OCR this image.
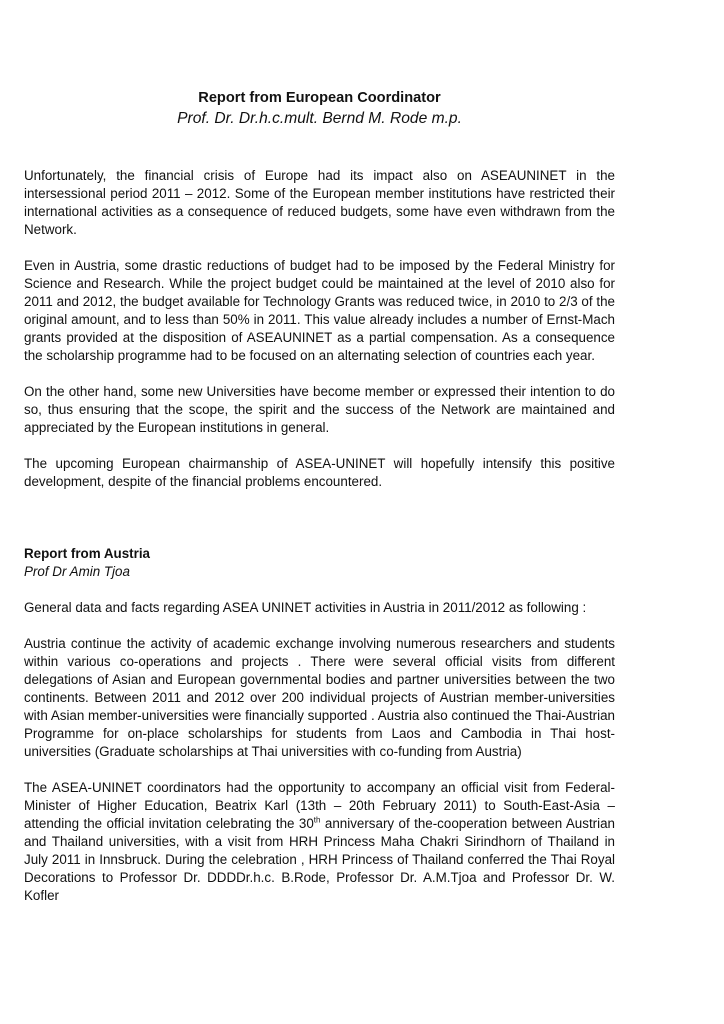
Report from European Coordinator
Prof. Dr. Dr.h.c.mult. Bernd M. Rode m.p.

Unfortunately, the financial crisis of Europe had its impact also on ASEAUNINET in the intersessional period 2011 – 2012. Some of the European member institutions have restricted their international activities as a consequence of reduced budgets, some have even withdrawn from the Network.

Even in Austria, some drastic reductions of budget had to be imposed by the Federal Ministry for Science and Research. While the project budget could be maintained at the level of 2010 also for 2011 and 2012, the budget available for Technology Grants was reduced twice, in 2010 to 2/3 of the original amount, and to less than 50% in 2011. This value already includes a number of Ernst-Mach grants provided at the disposition of ASEAUNINET as a partial compensation. As a consequence the scholarship programme had to be focused on an alternating selection of countries each year.

On the other hand, some new Universities have become member or expressed their intention to do so, thus ensuring that the scope, the spirit and the success of the Network are maintained and appreciated by the European institutions in general.

The upcoming European chairmanship of ASEA-UNINET will hopefully intensify this positive development, despite of the financial problems encountered.

Report from Austria
Prof Dr Amin Tjoa

General data and facts regarding ASEA UNINET activities in Austria in 2011/2012 as following :

Austria continue the activity of academic exchange involving numerous researchers and students within various co-operations and projects . There were several official visits from different delegations of Asian and European governmental bodies and partner universities between the two continents. Between 2011 and 2012 over 200 individual projects of Austrian member-universities with Asian member-universities were financially supported . Austria also continued the Thai-Austrian Programme for on-place scholarships for students from Laos and Cambodia in Thai host-universities (Graduate scholarships at Thai universities with co-funding from Austria)

The ASEA-UNINET coordinators had the opportunity to accompany an official visit from Federal-Minister of Higher Education, Beatrix Karl (13th – 20th February 2011) to South-East-Asia – attending the official invitation celebrating the 30th anniversary of the-cooperation between Austrian and Thailand universities, with a visit from HRH Princess Maha Chakri Sirindhorn of Thailand in July 2011 in Innsbruck. During the celebration , HRH Princess of Thailand conferred the Thai Royal Decorations to Professor Dr. DDDDr.h.c. B.Rode, Professor Dr. A.M.Tjoa and Professor Dr. W. Kofler
